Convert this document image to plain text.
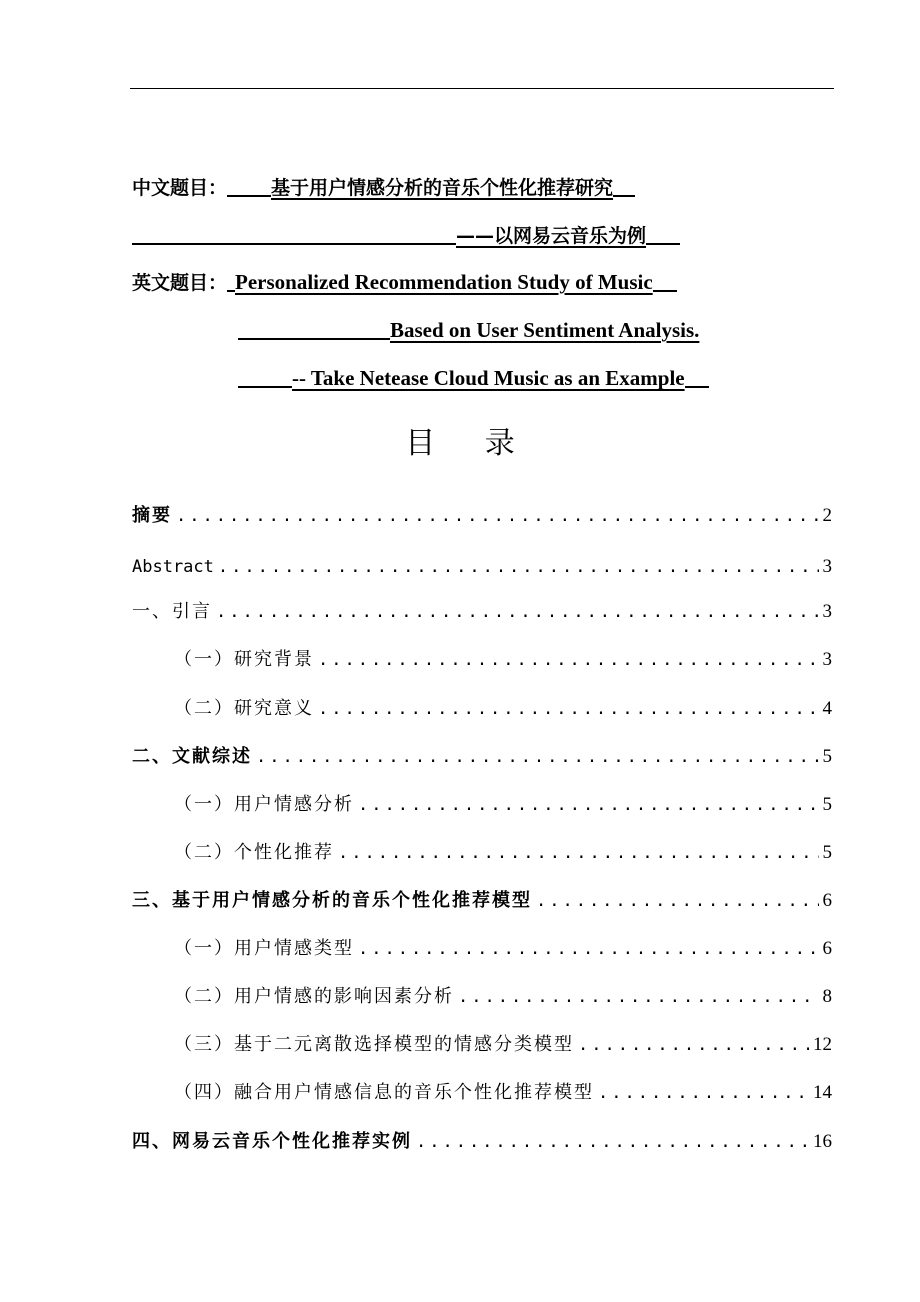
中文题目： 基于用户情感分析的音乐个性化推荐研究
——以网易云音乐为例
英文题目： Personalized Recommendation Study of Music
Based on User Sentiment Analysis.
-- Take Netease Cloud Music as an Example
目 录
摘要 .....	2
Abstract .....	3
一、引言 .....	3
（一）研究背景 .....	3
（二）研究意义 .....	4
二、文献综述 .....	5
（一）用户情感分析 .....	5
（二）个性化推荐 .....	5
三、基于用户情感分析的音乐个性化推荐模型 .....	6
（一）用户情感类型 .....	6
（二）用户情感的影响因素分析 .....	8
（三）基于二元离散选择模型的情感分类模型 .....	12
（四）融合用户情感信息的音乐个性化推荐模型 .....	14
四、网易云音乐个性化推荐实例 .....	16
